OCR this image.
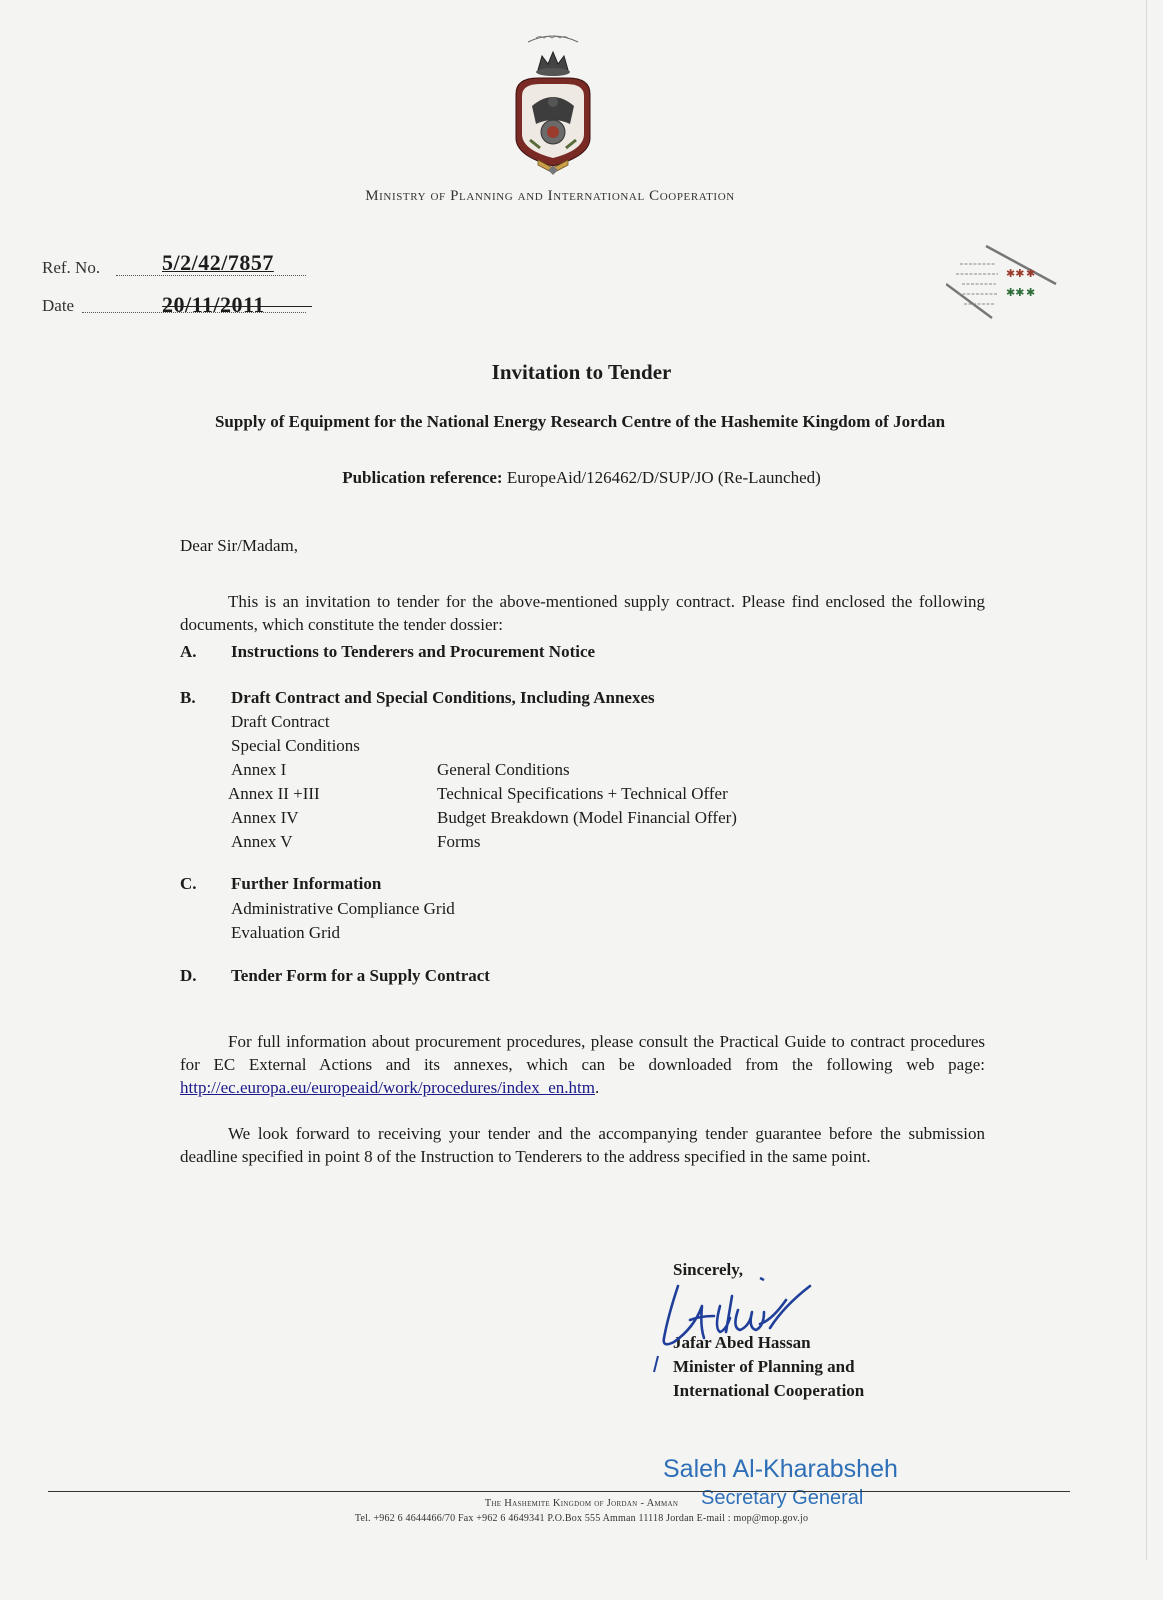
Ministry of Planning and International Cooperation
Ref. No.	5/2/42/7857
Date	20/11/2011
✱✱
✱✱
✱
✱
Invitation to Tender
Supply of Equipment for the National Energy Research Centre of the Hashemite Kingdom of Jordan
Publication reference: EuropeAid/126462/D/SUP/JO (Re-Launched)
Dear Sir/Madam,
This is an invitation to tender for the above-mentioned supply contract. Please find enclosed the following documents, which constitute the tender dossier:
A. Instructions to Tenderers and Procurement Notice
B. Draft Contract and Special Conditions, Including Annexes
Draft Contract
Special Conditions
Annex I	General Conditions
Annex II +III	Technical Specifications + Technical Offer
Annex IV	Budget Breakdown (Model Financial Offer)
Annex V	Forms
C. Further Information
Administrative Compliance Grid
Evaluation Grid
D. Tender Form for a Supply Contract
For full information about procurement procedures, please consult the Practical Guide to contract procedures for EC External Actions and its annexes, which can be downloaded from the following web page: http://ec.europa.eu/europeaid/work/procedures/index_en.htm.
We look forward to receiving your tender and the accompanying tender guarantee before the submission deadline specified in point 8 of the Instruction to Tenderers to the address specified in the same point.
Sincerely,
Jafar Abed Hassan
Minister of Planning and
International Cooperation
Saleh Al-Kharabsheh
Secretary General
The Hashemite Kingdom of Jordan - Amman
Tel. +962 6 4644466/70 Fax +962 6 4649341 P.O.Box 555 Amman 11118 Jordan E-mail : mop@mop.gov.jo
